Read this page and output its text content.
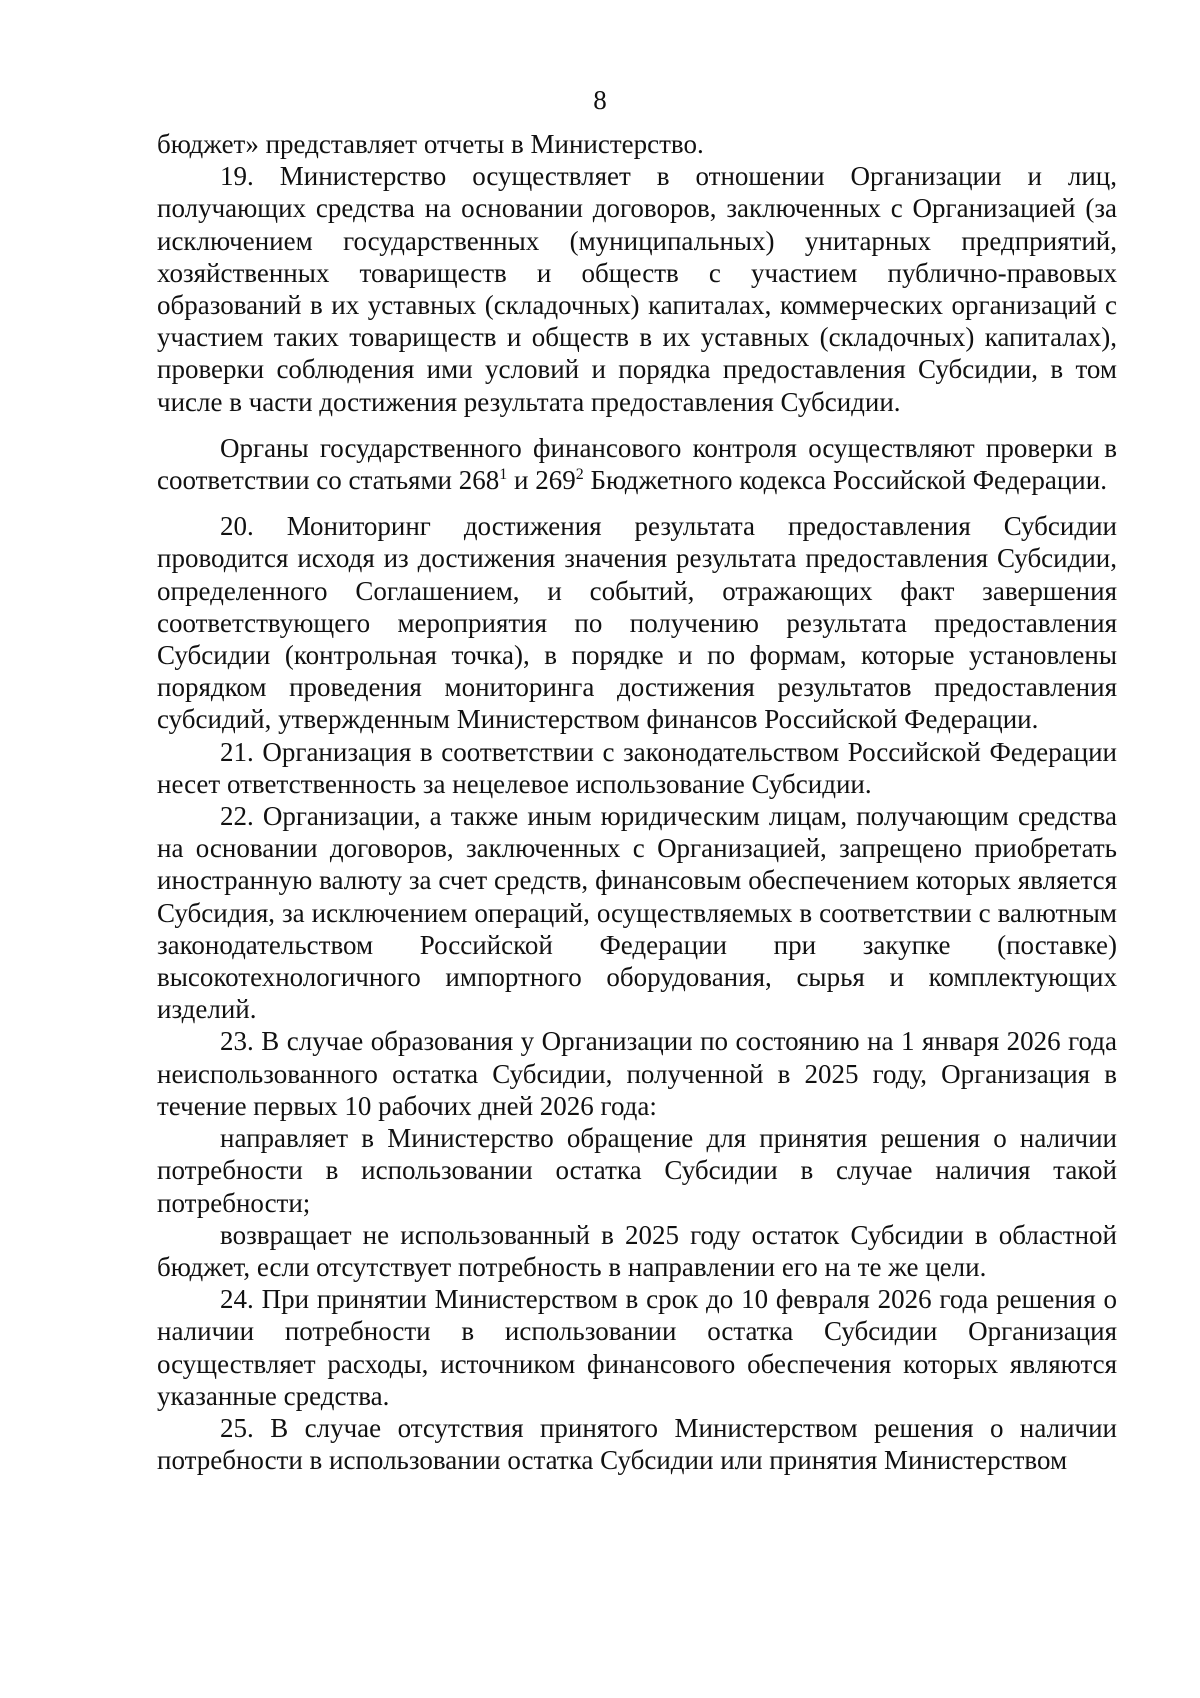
8

бюджет» представляет отчеты в Министерство.

19. Министерство осуществляет в отношении Организации и лиц, получающих средства на основании договоров, заключенных с Организацией (за исключением государственных (муниципальных) унитарных предприятий, хозяйственных товариществ и обществ с участием публично-правовых образований в их уставных (складочных) капиталах, коммерческих организаций с участием таких товариществ и обществ в их уставных (складочных) капиталах), проверки соблюдения ими условий и порядка предоставления Субсидии, в том числе в части достижения результата предоставления Субсидии.

Органы государственного финансового контроля осуществляют проверки в соответствии со статьями $268^1$ и $269^2$ Бюджетного кодекса Российской Федерации.

20. Мониторинг достижения результата предоставления Субсидии проводится исходя из достижения значения результата предоставления Субсидии, определенного Соглашением, и событий, отражающих факт завершения соответствующего мероприятия по получению результата предоставления Субсидии (контрольная точка), в порядке и по формам, которые установлены порядком проведения мониторинга достижения результатов предоставления субсидий, утвержденным Министерством финансов Российской Федерации.

21. Организация в соответствии с законодательством Российской Федерации несет ответственность за нецелевое использование Субсидии.

22. Организации, а также иным юридическим лицам, получающим средства на основании договоров, заключенных с Организацией, запрещено приобретать иностранную валюту за счет средств, финансовым обеспечением которых является Субсидия, за исключением операций, осуществляемых в соответствии с валютным законодательством Российской Федерации при закупке (поставке) высокотехнологичного импортного оборудования, сырья и комплектующих изделий.

23. В случае образования у Организации по состоянию на 1 января 2026 года неиспользованного остатка Субсидии, полученной в 2025 году, Организация в течение первых 10 рабочих дней 2026 года:

направляет в Министерство обращение для принятия решения о наличии потребности в использовании остатка Субсидии в случае наличия такой потребности;

возвращает не использованный в 2025 году остаток Субсидии в областной бюджет, если отсутствует потребность в направлении его на те же цели.

24. При принятии Министерством в срок до 10 февраля 2026 года решения о наличии потребности в использовании остатка Субсидии Организация осуществляет расходы, источником финансового обеспечения которых являются указанные средства.

25. В случае отсутствия принятого Министерством решения о наличии потребности в использовании остатка Субсидии или принятия Министерством
